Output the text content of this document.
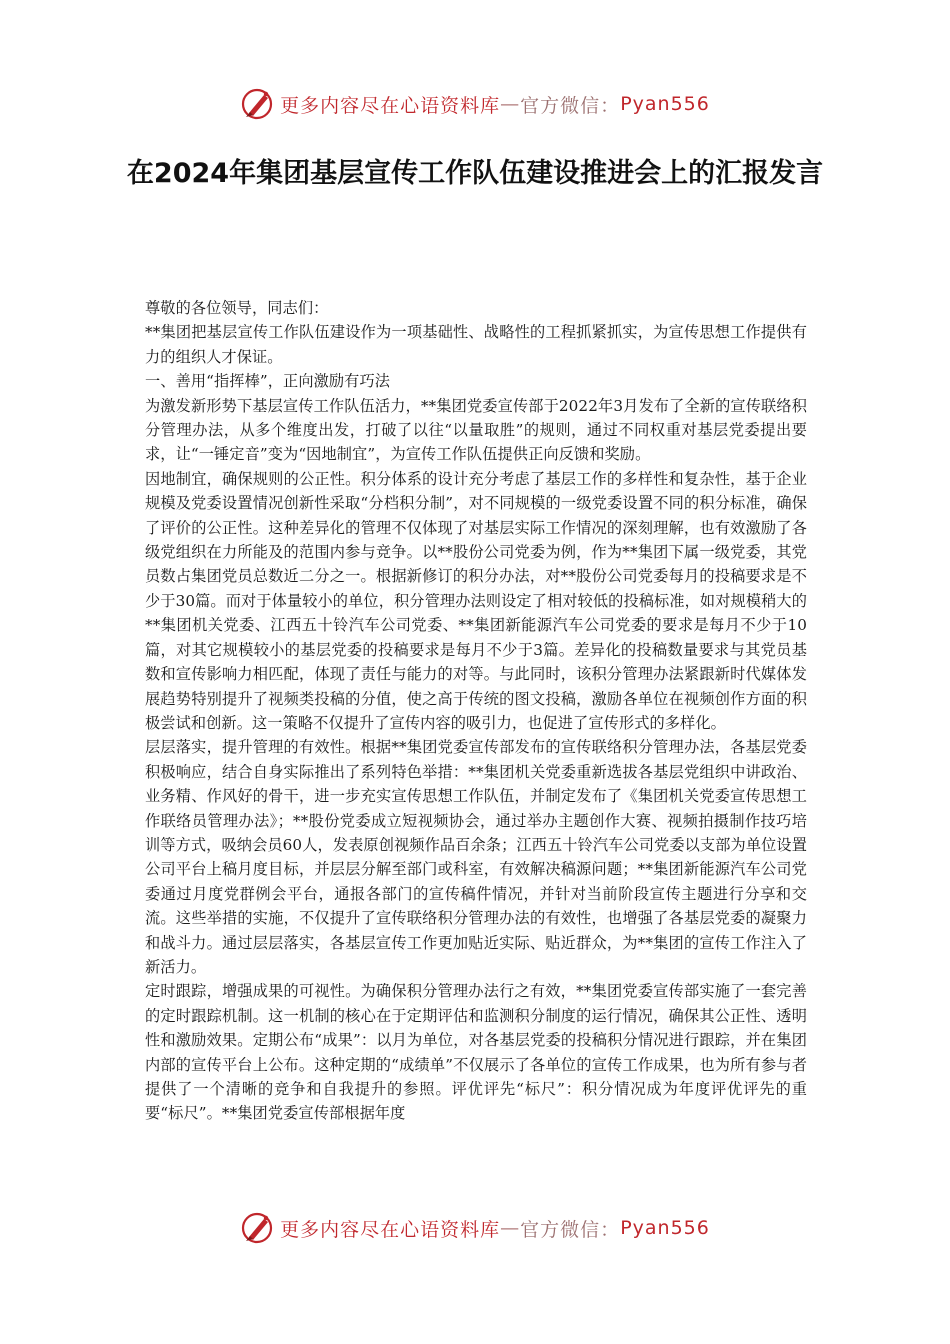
更多内容尽在心语资料库 — 官方微信： Pyan556
在2024年集团基层宣传工作队伍建设推进会上的汇报发言

尊敬的各位领导，同志们：

**集团把基层宣传工作队伍建设作为一项基础性、战略性的工程抓紧抓实，为宣传思想工作提供有力的组织人才保证。

一、善用“指挥棒”，正向激励有巧法

为激发新形势下基层宣传工作队伍活力，**集团党委宣传部于2022年3月发布了全新的宣传联络积分管理办法，从多个维度出发，打破了以往“以量取胜”的规则，通过不同权重对基层党委提出要求，让“一锤定音”变为“因地制宜”，为宣传工作队伍提供正向反馈和奖励。

因地制宜，确保规则的公正性。积分体系的设计充分考虑了基层工作的多样性和复杂性，基于企业规模及党委设置情况创新性采取“分档积分制”，对不同规模的一级党委设置不同的积分标准，确保了评价的公正性。这种差异化的管理不仅体现了对基层实际工作情况的深刻理解，也有效激励了各级党组织在力所能及的范围内参与竞争。以**股份公司党委为例，作为**集团下属一级党委，其党员数占集团党员总数近二分之一。根据新修订的积分办法，对**股份公司党委每月的投稿要求是不少于30篇。而对于体量较小的单位，积分管理办法则设定了相对较低的投稿标准，如对规模稍大的**集团机关党委、江西五十铃汽车公司党委、**集团新能源汽车公司党委的要求是每月不少于10篇，对其它规模较小的基层党委的投稿要求是每月不少于3篇。差异化的投稿数量要求与其党员基数和宣传影响力相匹配，体现了责任与能力的对等。与此同时，该积分管理办法紧跟新时代媒体发展趋势特别提升了视频类投稿的分值，使之高于传统的图文投稿，激励各单位在视频创作方面的积极尝试和创新。这一策略不仅提升了宣传内容的吸引力，也促进了宣传形式的多样化。

层层落实，提升管理的有效性。根据**集团党委宣传部发布的宣传联络积分管理办法，各基层党委积极响应，结合自身实际推出了系列特色举措：**集团机关党委重新选拔各基层党组织中讲政治、业务精、作风好的骨干，进一步充实宣传思想工作队伍，并制定发布了《集团机关党委宣传思想工作联络员管理办法》；**股份党委成立短视频协会，通过举办主题创作大赛、视频拍摄制作技巧培训等方式，吸纳会员60人，发表原创视频作品百余条；江西五十铃汽车公司党委以支部为单位设置公司平台上稿月度目标，并层层分解至部门或科室，有效解决稿源问题；**集团新能源汽车公司党委通过月度党群例会平台，通报各部门的宣传稿件情况，并针对当前阶段宣传主题进行分享和交流。这些举措的实施，不仅提升了宣传联络积分管理办法的有效性，也增强了各基层党委的凝聚力和战斗力。通过层层落实，各基层宣传工作更加贴近实际、贴近群众，为**集团的宣传工作注入了新活力。

定时跟踪，增强成果的可视性。为确保积分管理办法行之有效，**集团党委宣传部实施了一套完善的定时跟踪机制。这一机制的核心在于定期评估和监测积分制度的运行情况，确保其公正性、透明性和激励效果。定期公布“成果”：以月为单位，对各基层党委的投稿积分情况进行跟踪，并在集团内部的宣传平台上公布。这种定期的“成绩单”不仅展示了各单位的宣传工作成果，也为所有参与者提供了一个清晰的竞争和自我提升的参照。评优评先“标尺”：积分情况成为年度评优评先的重要“标尺”。**集团党委宣传部根据年度

更多内容尽在心语资料库 — 官方微信： Pyan556
